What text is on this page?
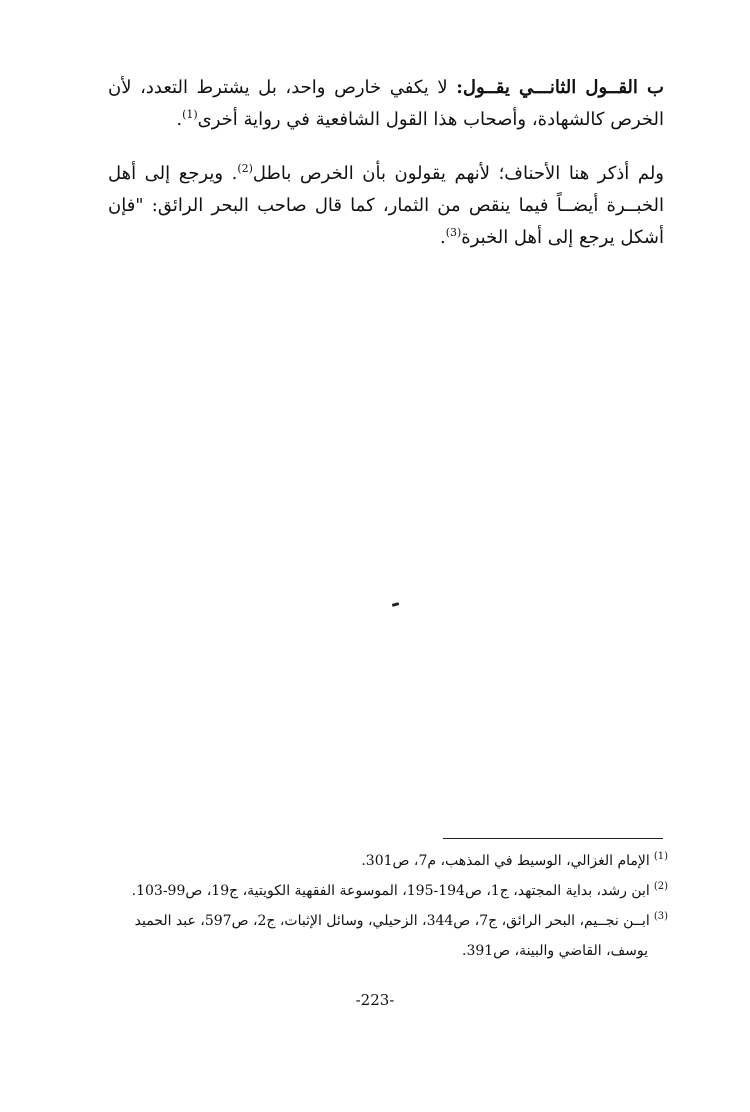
ب القــول الثانـــي يقــول: لا يكفي خارص واحد، بل يشترط التعدد، لأن الخرص كالشهادة، وأصحاب هذا القول الشافعية في رواية أخرى$^{(1)}$.

ولم أذكر هنا الأحناف؛ لأنهم يقولون بأن الخرص باطل$^{(2)}$. ويرجع إلى أهل الخبــرة أيضــاً فيما ينقص من الثمار، كما قال صاحب البحر الرائق: "فإن أشكل يرجع إلى أهل الخبرة$^{(3)}$.

$^{(1)}$الإمام الغزالي، الوسيط في المذهب، م7، ص301.

$^{(2)}$ابن رشد، بداية المجتهد، ج1، ص194-195، الموسوعة الفقهية الكويتية، ج19، ص99-103.

$^{(3)}$ابــن نجــيم، البحر الرائق، ج7، ص344، الزحيلي، وسائل الإثبات، ج2، ص597، عبد الحميد

يوسف، القاضي والبينة، ص391.

-223-
